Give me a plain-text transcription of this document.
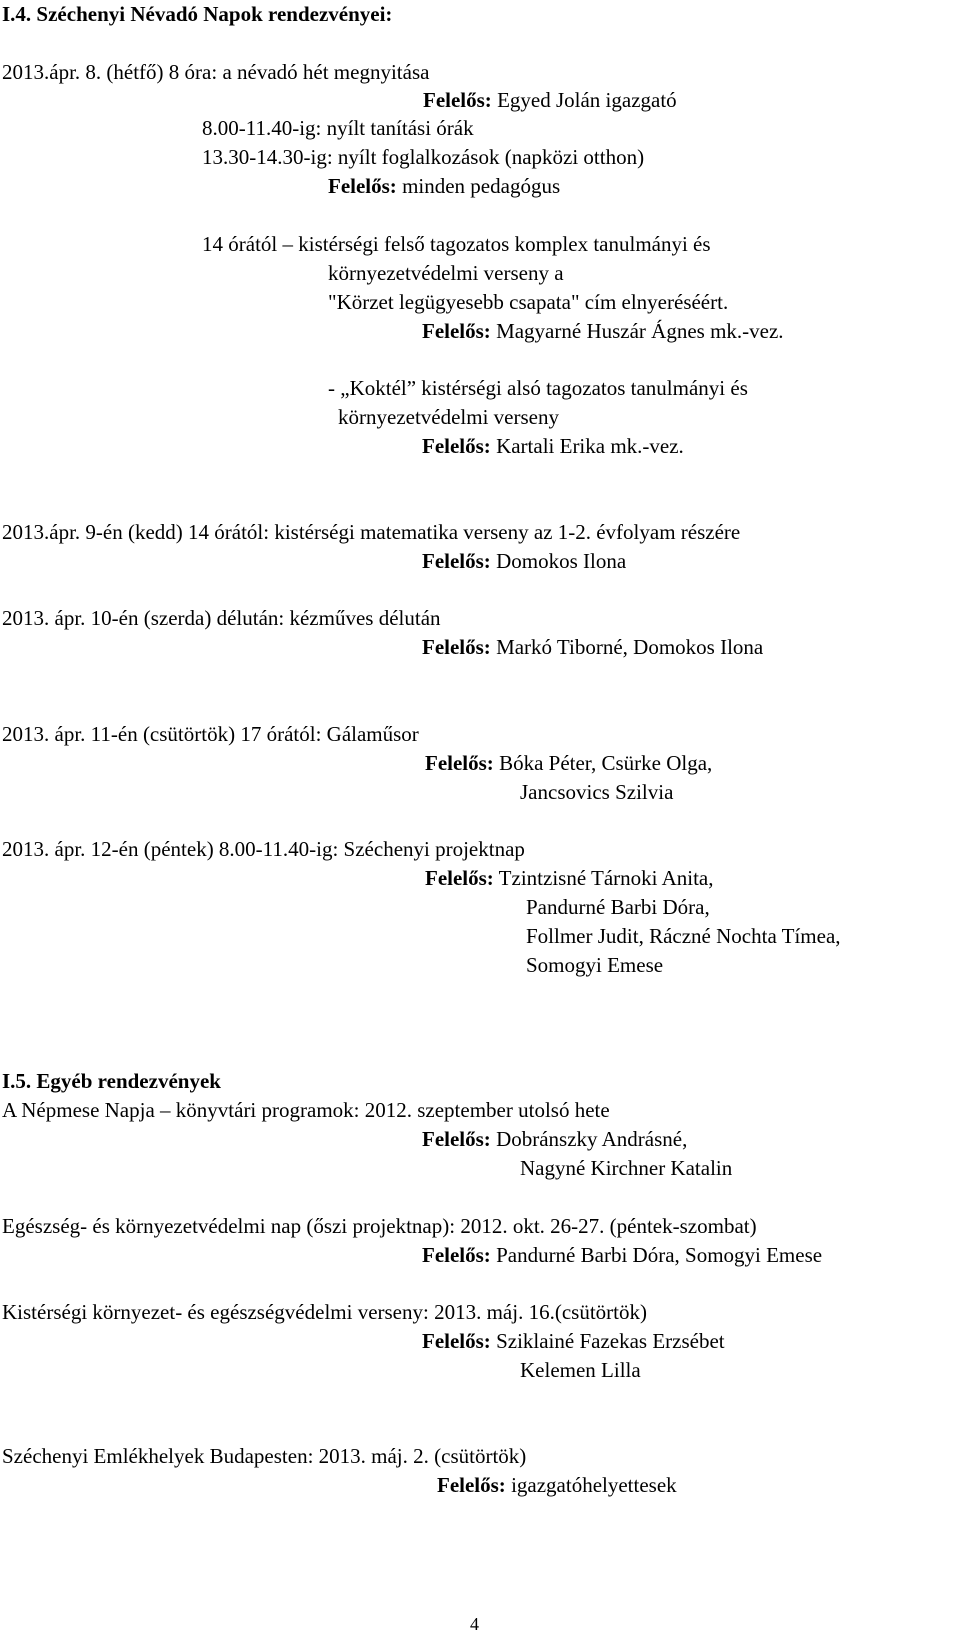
I.4. Széchenyi Névadó Napok rendezvényei:
2013.ápr. 8. (hétfő) 8 óra: a névadó hét megnyitása
Felelős: Egyed Jolán igazgató
8.00-11.40-ig: nyílt tanítási órák
13.30-14.30-ig: nyílt foglalkozások (napközi otthon)
Felelős: minden pedagógus
14 órától – kistérségi felső tagozatos komplex tanulmányi és
környezetvédelmi verseny a
"Körzet legügyesebb csapata" cím elnyeréséért.
Felelős: Magyarné Huszár Ágnes mk.-vez.
- „Koktél” kistérségi alsó tagozatos tanulmányi és
környezetvédelmi verseny
Felelős: Kartali Erika mk.-vez.
2013.ápr. 9-én (kedd) 14 órától: kistérségi matematika verseny az 1-2. évfolyam részére
Felelős: Domokos Ilona
2013. ápr. 10-én (szerda) délután: kézműves délután
Felelős: Markó Tiborné, Domokos Ilona
2013. ápr. 11-én (csütörtök) 17 órától: Gálaműsor
Felelős: Bóka Péter, Csürke Olga,
Jancsovics Szilvia
2013. ápr. 12-én (péntek) 8.00-11.40-ig: Széchenyi projektnap
Felelős: Tzintzisné Tárnoki Anita,
Pandurné Barbi Dóra,
Follmer Judit, Ráczné Nochta Tímea,
Somogyi Emese
I.5. Egyéb rendezvények
A Népmese Napja – könyvtári programok: 2012. szeptember utolsó hete
Felelős: Dobránszky Andrásné,
Nagyné Kirchner Katalin
Egészség- és környezetvédelmi nap (őszi projektnap): 2012. okt. 26-27. (péntek-szombat)
Felelős: Pandurné Barbi Dóra, Somogyi Emese
Kistérségi környezet- és egészségvédelmi verseny: 2013. máj. 16.(csütörtök)
Felelős: Sziklainé Fazekas Erzsébet
Kelemen Lilla
Széchenyi Emlékhelyek Budapesten: 2013. máj. 2. (csütörtök)
Felelős: igazgatóhelyettesek
4
